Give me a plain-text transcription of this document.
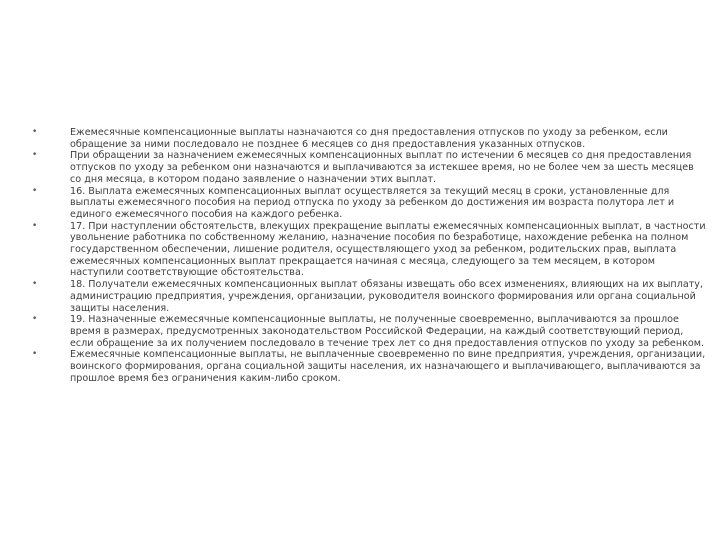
•	Ежемесячные компенсационные выплаты назначаются со дня предоставления отпусков по уходу за ребенком, если обращение за ними последовало не позднее 6 месяцев со дня предоставления указанных отпусков.
•	При обращении за назначением ежемесячных компенсационных выплат по истечении 6 месяцев со дня предоставления отпусков по уходу за ребенком они назначаются и выплачиваются за истекшее время, но не более чем за шесть месяцев со дня месяца, в котором подано заявление о назначении этих выплат.
•	16. Выплата ежемесячных компенсационных выплат осуществляется за текущий месяц в сроки, установленные для выплаты ежемесячного пособия на период отпуска по уходу за ребенком до достижения им возраста полутора лет и единого ежемесячного пособия на каждого ребенка.
•	17. При наступлении обстоятельств, влекущих прекращение выплаты ежемесячных компенсационных выплат, в частности увольнение работника по собственному желанию, назначение пособия по безработице, нахождение ребенка на полном государственном обеспечении, лишение родителя, осуществляющего уход за ребенком, родительских прав, выплата ежемесячных компенсационных выплат прекращается начиная с месяца, следующего за тем месяцем, в котором наступили соответствующие обстоятельства.
•	18. Получатели ежемесячных компенсационных выплат обязаны извещать обо всех изменениях, влияющих на их выплату, администрацию предприятия, учреждения, организации, руководителя воинского формирования или органа социальной защиты населения.
•	19. Назначенные ежемесячные компенсационные выплаты, не полученные своевременно, выплачиваются за прошлое время в размерах, предусмотренных законодательством Российской Федерации, на каждый соответствующий период, если обращение за их получением последовало в течение трех лет со дня предоставления отпусков по уходу за ребенком.
•	Ежемесячные компенсационные выплаты, не выплаченные своевременно по вине предприятия, учреждения, организации, воинского формирования, органа социальной защиты населения, их назначающего и выплачивающего, выплачиваются за прошлое время без ограничения каким-либо сроком.
